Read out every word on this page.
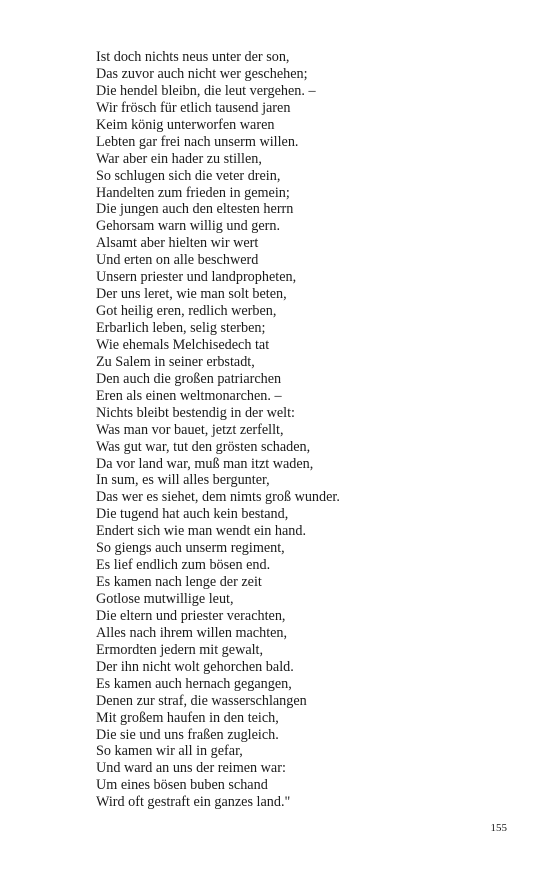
Ist doch nichts neus unter der son,
Das zuvor auch nicht wer geschehen;
Die hendel bleibn, die leut vergehen. –
Wir frösch für etlich tausend jaren
Keim könig unterworfen waren
Lebten gar frei nach unserm willen.
War aber ein hader zu stillen,
So schlugen sich die veter drein,
Handelten zum frieden in gemein;
Die jungen auch den eltesten herrn
Gehorsam warn willig und gern.
Alsamt aber hielten wir wert
Und erten on alle beschwerd
Unsern priester und landpropheten,
Der uns leret, wie man solt beten,
Got heilig eren, redlich werben,
Erbarlich leben, selig sterben;
Wie ehemals Melchisedech tat
Zu Salem in seiner erbstadt,
Den auch die großen patriarchen
Eren als einen weltmonarchen. –
Nichts bleibt bestendig in der welt:
Was man vor bauet, jetzt zerfellt,
Was gut war, tut den grösten schaden,
Da vor land war, muß man itzt waden,
In sum, es will alles bergunter,
Das wer es siehet, dem nimts groß wunder.
Die tugend hat auch kein bestand,
Endert sich wie man wendt ein hand.
So giengs auch unserm regiment,
Es lief endlich zum bösen end.
Es kamen nach lenge der zeit
Gotlose mutwillige leut,
Die eltern und priester verachten,
Alles nach ihrem willen machten,
Ermordten jedern mit gewalt,
Der ihn nicht wolt gehorchen bald.
Es kamen auch hernach gegangen,
Denen zur straf, die wasserschlangen
Mit großem haufen in den teich,
Die sie und uns fraßen zugleich.
So kamen wir all in gefar,
Und ward an uns der reimen war:
Um eines bösen buben schand
Wird oft gestraft ein ganzes land."
155
